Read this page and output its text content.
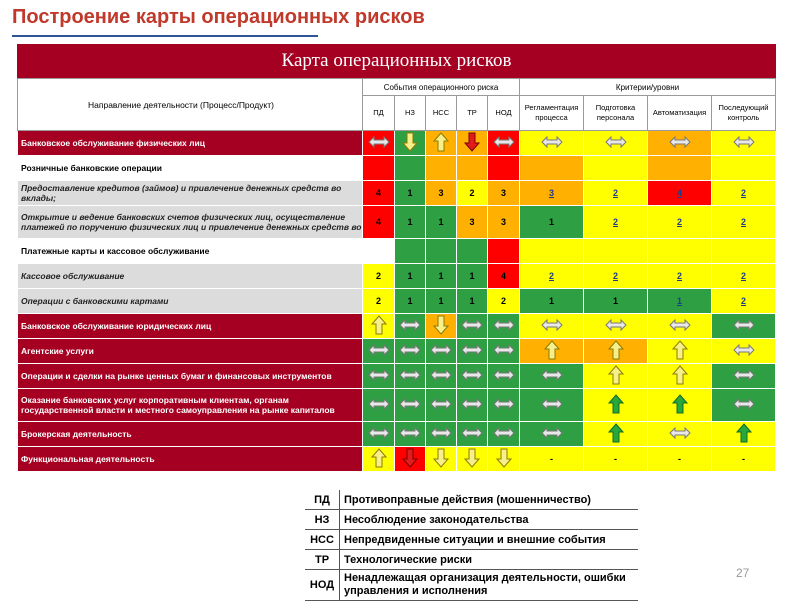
Построение карты операционных рисков
Карта операционных рисков
Направление деятельности (Процесс/Продукт)	События операционного риска					Критерии/уровни			
	ПД	НЗ	НСС	ТР	НОД	Регламентация процесса	Подготовка персонала	Автоматизация	Последующий контроль
Банковское обслуживание физических лиц	

Розничные банковские операции									
Предоставление кредитов (займов) и привлечение денежных средств во вклады;	4	1	3	2	3	3	2	4	2
Открытие и ведение банковских счетов физических лиц, осуществление платежей по поручению физических лиц и привлечение денежных средств во	4	1	1	3	3	1	2	2	2
Платежные карты и кассовое обслуживание									
Кассовое обслуживание	2	1	1	1	4	2	2	2	2
Операции с банковскими картами	2	1	1	1	2	1	1	1	2
Банковское обслуживание юридических лиц	

Агентские услуги	

Операции и сделки на рынке ценных бумаг и финансовых инструментов	

Оказание банковских услуг корпоративным клиентам, органам государственной власти и местного самоуправления на рынке капиталов	

Брокерская деятельность	

Функциональная деятельность						-	-	-	-
ПД	Противоправные действия (мошенничество)
НЗ	Несоблюдение законодательства
НСС	Непредвиденные ситуации и внешние события
ТР	Технологические риски
НОД	Ненадлежащая организация деятельности, ошибки управления и исполнения
27
